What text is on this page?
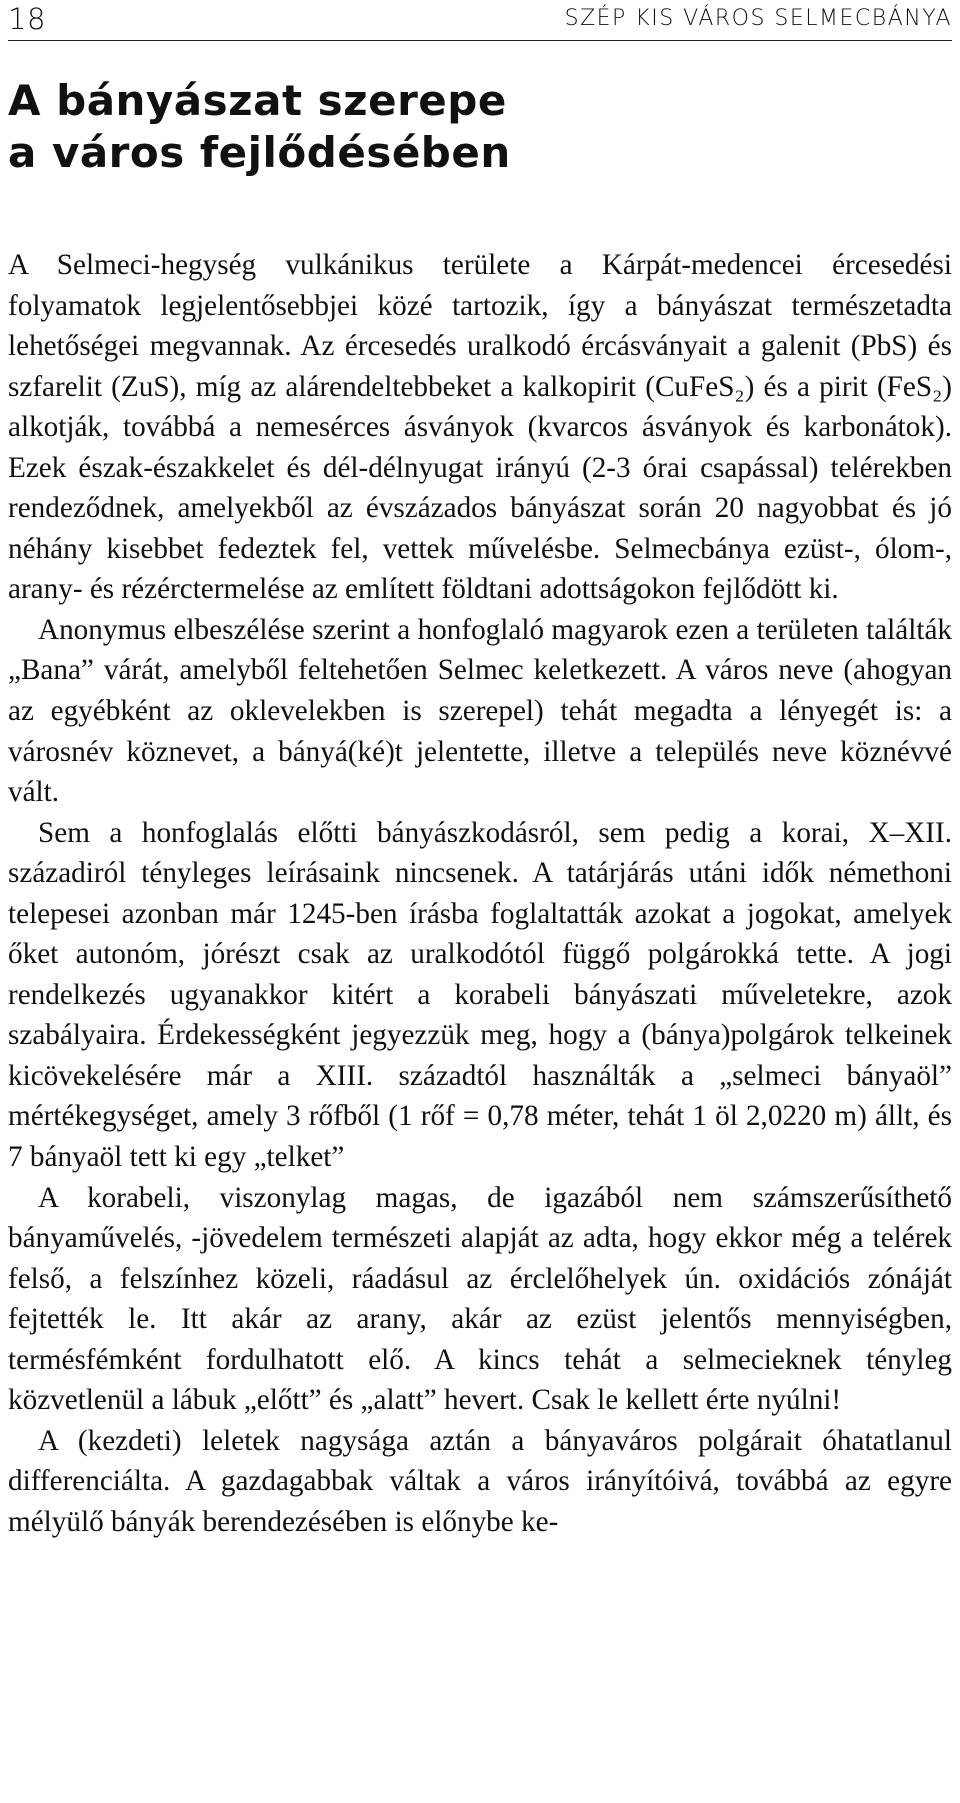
18	SZÉP KIS VÁROS SELMECBÁNYA
A bányászat szerepe
a város fejlődésében

A Selmeci-hegység vulkánikus területe a Kárpát-medencei ércesedési folyamatok legjelentősebbjei közé tartozik, így a bányászat természetadta lehetőségei megvannak. Az ércesedés uralkodó ércásványait a galenit (PbS) és szfarelit (ZuS), míg az alárendeltebbeket a kalkopirit (CuFeS₂) és a pirit (FeS₂) alkotják, továbbá a nemesérces ásványok (kvarcos ásványok és karbonátok). Ezek észak-északkelet és dél-délnyugat irányú (2-3 órai csapással) telérekben rendeződnek, amelyekből az évszázados bányászat során 20 nagyobbat és jó néhány kisebbet fedeztek fel, vettek művelésbe. Selmecbánya ezüst-, ólom-, arany- és rézérctermelése az említett földtani adottságokon fejlődött ki.

Anonymus elbeszélése szerint a honfoglaló magyarok ezen a területen találták „Bana” várát, amelyből feltehetően Selmec keletkezett. A város neve (ahogyan az egyébként az oklevelekben is szerepel) tehát megadta a lényegét is: a városnév köznevet, a bányá(ké)t jelentette, illetve a település neve köznévvé vált.

Sem a honfoglalás előtti bányászkodásról, sem pedig a korai, X–XII. századiról tényleges leírásaink nincsenek. A tatárjárás utáni idők némethoni telepesei azonban már 1245-ben írásba foglaltatták azokat a jogokat, amelyek őket autonóm, jórészt csak az uralkodótól függő polgárokká tette. A jogi rendelkezés ugyanakkor kitért a korabeli bányászati műveletekre, azok szabályaira. Érdekességként jegyezzük meg, hogy a (bánya)polgárok telkeinek kicövekelésére már a XIII. századtól használták a „selmeci bányaöl” mértékegységet, amely 3 rőfből (1 rőf = 0,78 méter, tehát 1 öl 2,0220 m) állt, és 7 bányaöl tett ki egy „telket”

A korabeli, viszonylag magas, de igazából nem számszerűsíthető bányaművelés, -jövedelem természeti alapját az adta, hogy ekkor még a telérek felső, a felszínhez közeli, ráadásul az érclelőhelyek ún. oxidációs zónáját fejtették le. Itt akár az arany, akár az ezüst jelentős mennyiségben, termésfémként fordulhatott elő. A kincs tehát a selmecieknek tényleg közvetlenül a lábuk „előtt” és „alatt” hevert. Csak le kellett érte nyúlni!

A (kezdeti) leletek nagysága aztán a bányaváros polgárait óhatatlanul differenciálta. A gazdagabbak váltak a város irányítóivá, továbbá az egyre mélyülő bányák berendezésében is előnybe ke-
